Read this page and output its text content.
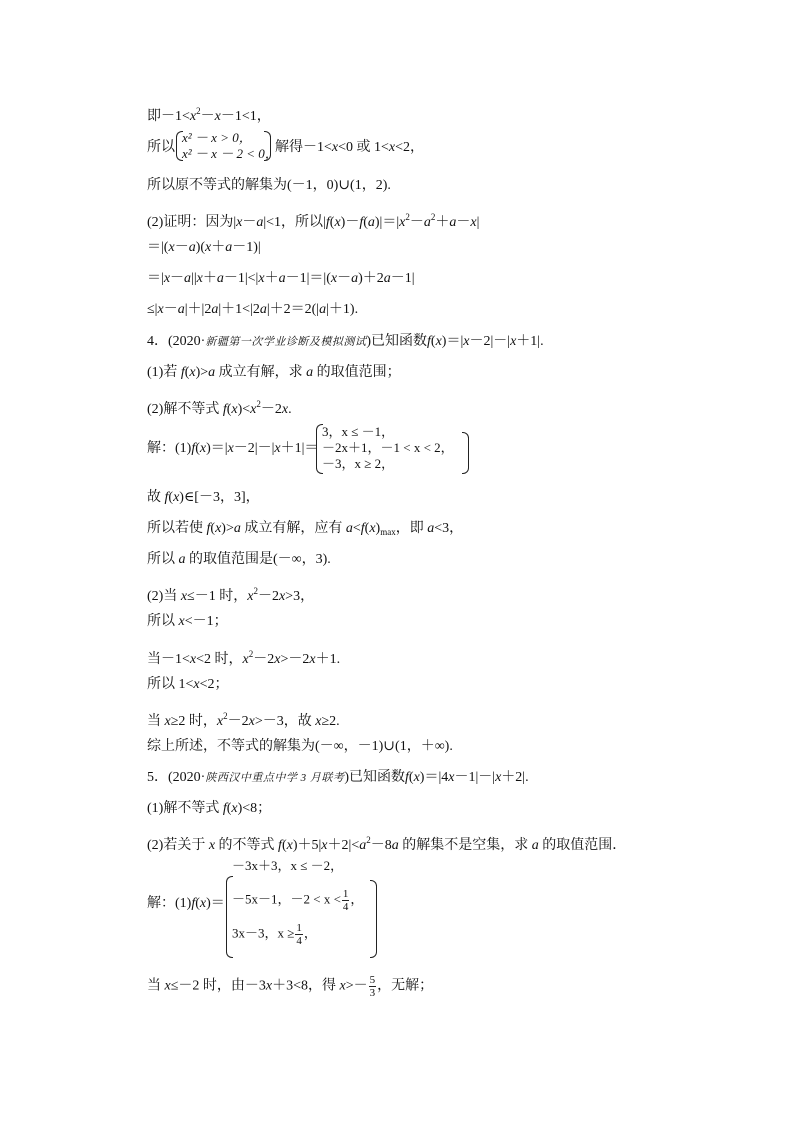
即$-1<x^2-x-1<1$，
所以
x² － x > 0，
x² － x － 2 < 0，
解得－1<x<0 或 1<x<2，
所以原不等式的解集为(－1，0)∪(1，2).
(2)证明：因为|x－a|<1，所以$|f(x)-f(a)|=|x^2-a^2+a-x|$
＝|(x－a)(x＋a－1)|
＝|x－a||x＋a－1|<|x＋a－1|＝|(x－a)＋2a－1|
≤|x－a|＋|2a|＋1<|2a|＋2＝2(|a|＋1).
4．(2020·新疆第一次学业诊断及模拟测试)已知函数f(x)＝|x－2|－|x＋1|.
(1)若 f(x)>a 成立有解，求 a 的取值范围；
(2)解不等式 $f(x)<x^2-2x$.
解：(1)f(x)＝|x－2|－|x＋1|＝
3，x ≤ －1，
－2x＋1，－1 < x < 2，
－3，x ≥ 2，
故 f(x)∈[－3，3]，
所以若使 f(x)>a 成立有解，应有 $a<f(x)_{max}$，即 a<3，
所以 a 的取值范围是(－∞，3).
(2)当 x≤－1 时，$x^2-2x>3$，
所以 x<－1；
当－1<x<2 时，$x^2-2x>-2x+1$.
所以 1<x<2；
当 x≥2 时，$x^2-2x>-3$，故 x≥2.
综上所述，不等式的解集为(－∞，－1)∪(1，＋∞).
5．(2020·陕西汉中重点中学 3 月联考)已知函数f(x)＝|4x－1|－|x＋2|.
(1)解不等式 f(x)<8；
(2)若关于 x 的不等式 $f(x)+5|x+2|<a^2-8a$ 的解集不是空集，求 a 的取值范围．
解：(1)f(x)＝
－3x＋3，x ≤ －2，
－5x－1，$-2 < x < \frac{1}{4}$ ，
3x－3，$x \ge \frac{1}{4}$ ，
当 x≤－2 时，由－3x＋3<8，得 $x>- \frac{5}{3}$ ，无解；
